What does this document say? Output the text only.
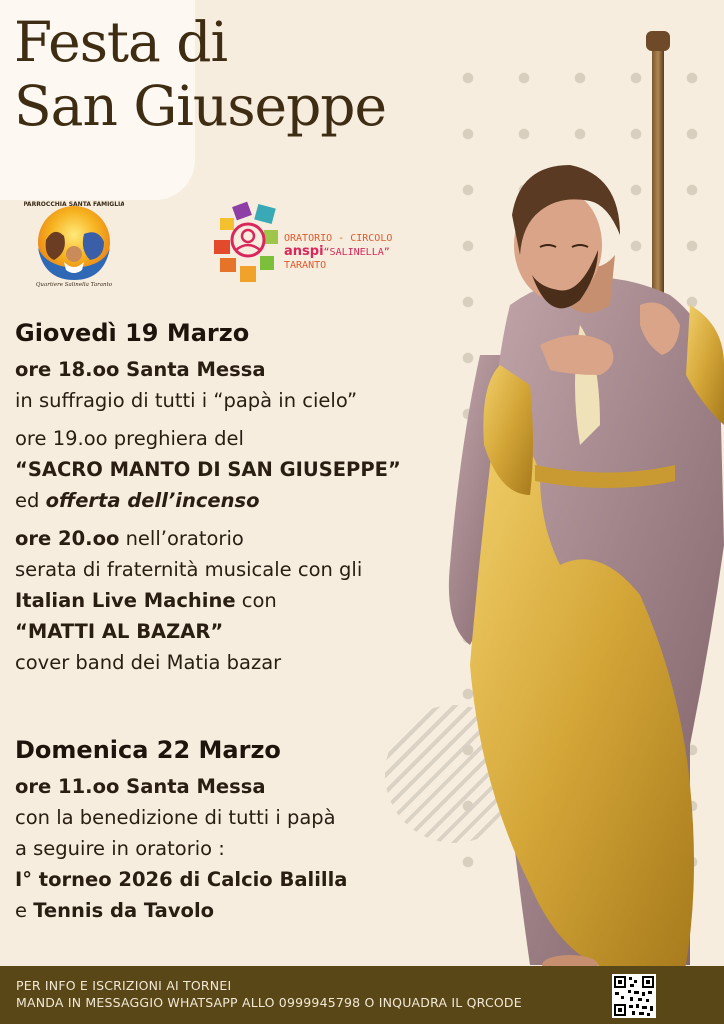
Festa di
San Giuseppe
PARROCCHIA SANTA FAMIGLIA
Quartiere Salinella Taranto
ORATORIO - CIRCOLO
anspi“SALINELLA”
TARANTO
Giovedì 19 Marzo
ore 18.oo Santa Messa
in suffragio di tutti i “papà in cielo”
ore 19.oo preghiera del
“SACRO MANTO DI SAN GIUSEPPE”
ed offerta dell’incenso
ore 20.oo nell’oratorio
serata di fraternità musicale con gli
Italian Live Machine con
“MATTI AL BAZAR”
cover band dei Matia bazar
Domenica 22 Marzo
ore 11.oo Santa Messa
con la benedizione di tutti i papà
a seguire in oratorio :
I° torneo 2026 di Calcio Balilla
e Tennis da Tavolo
PER INFO E ISCRIZIONI AI TORNEI
MANDA IN MESSAGGIO WHATSAPP ALLO 0999945798 O INQUADRA IL QRCODE
